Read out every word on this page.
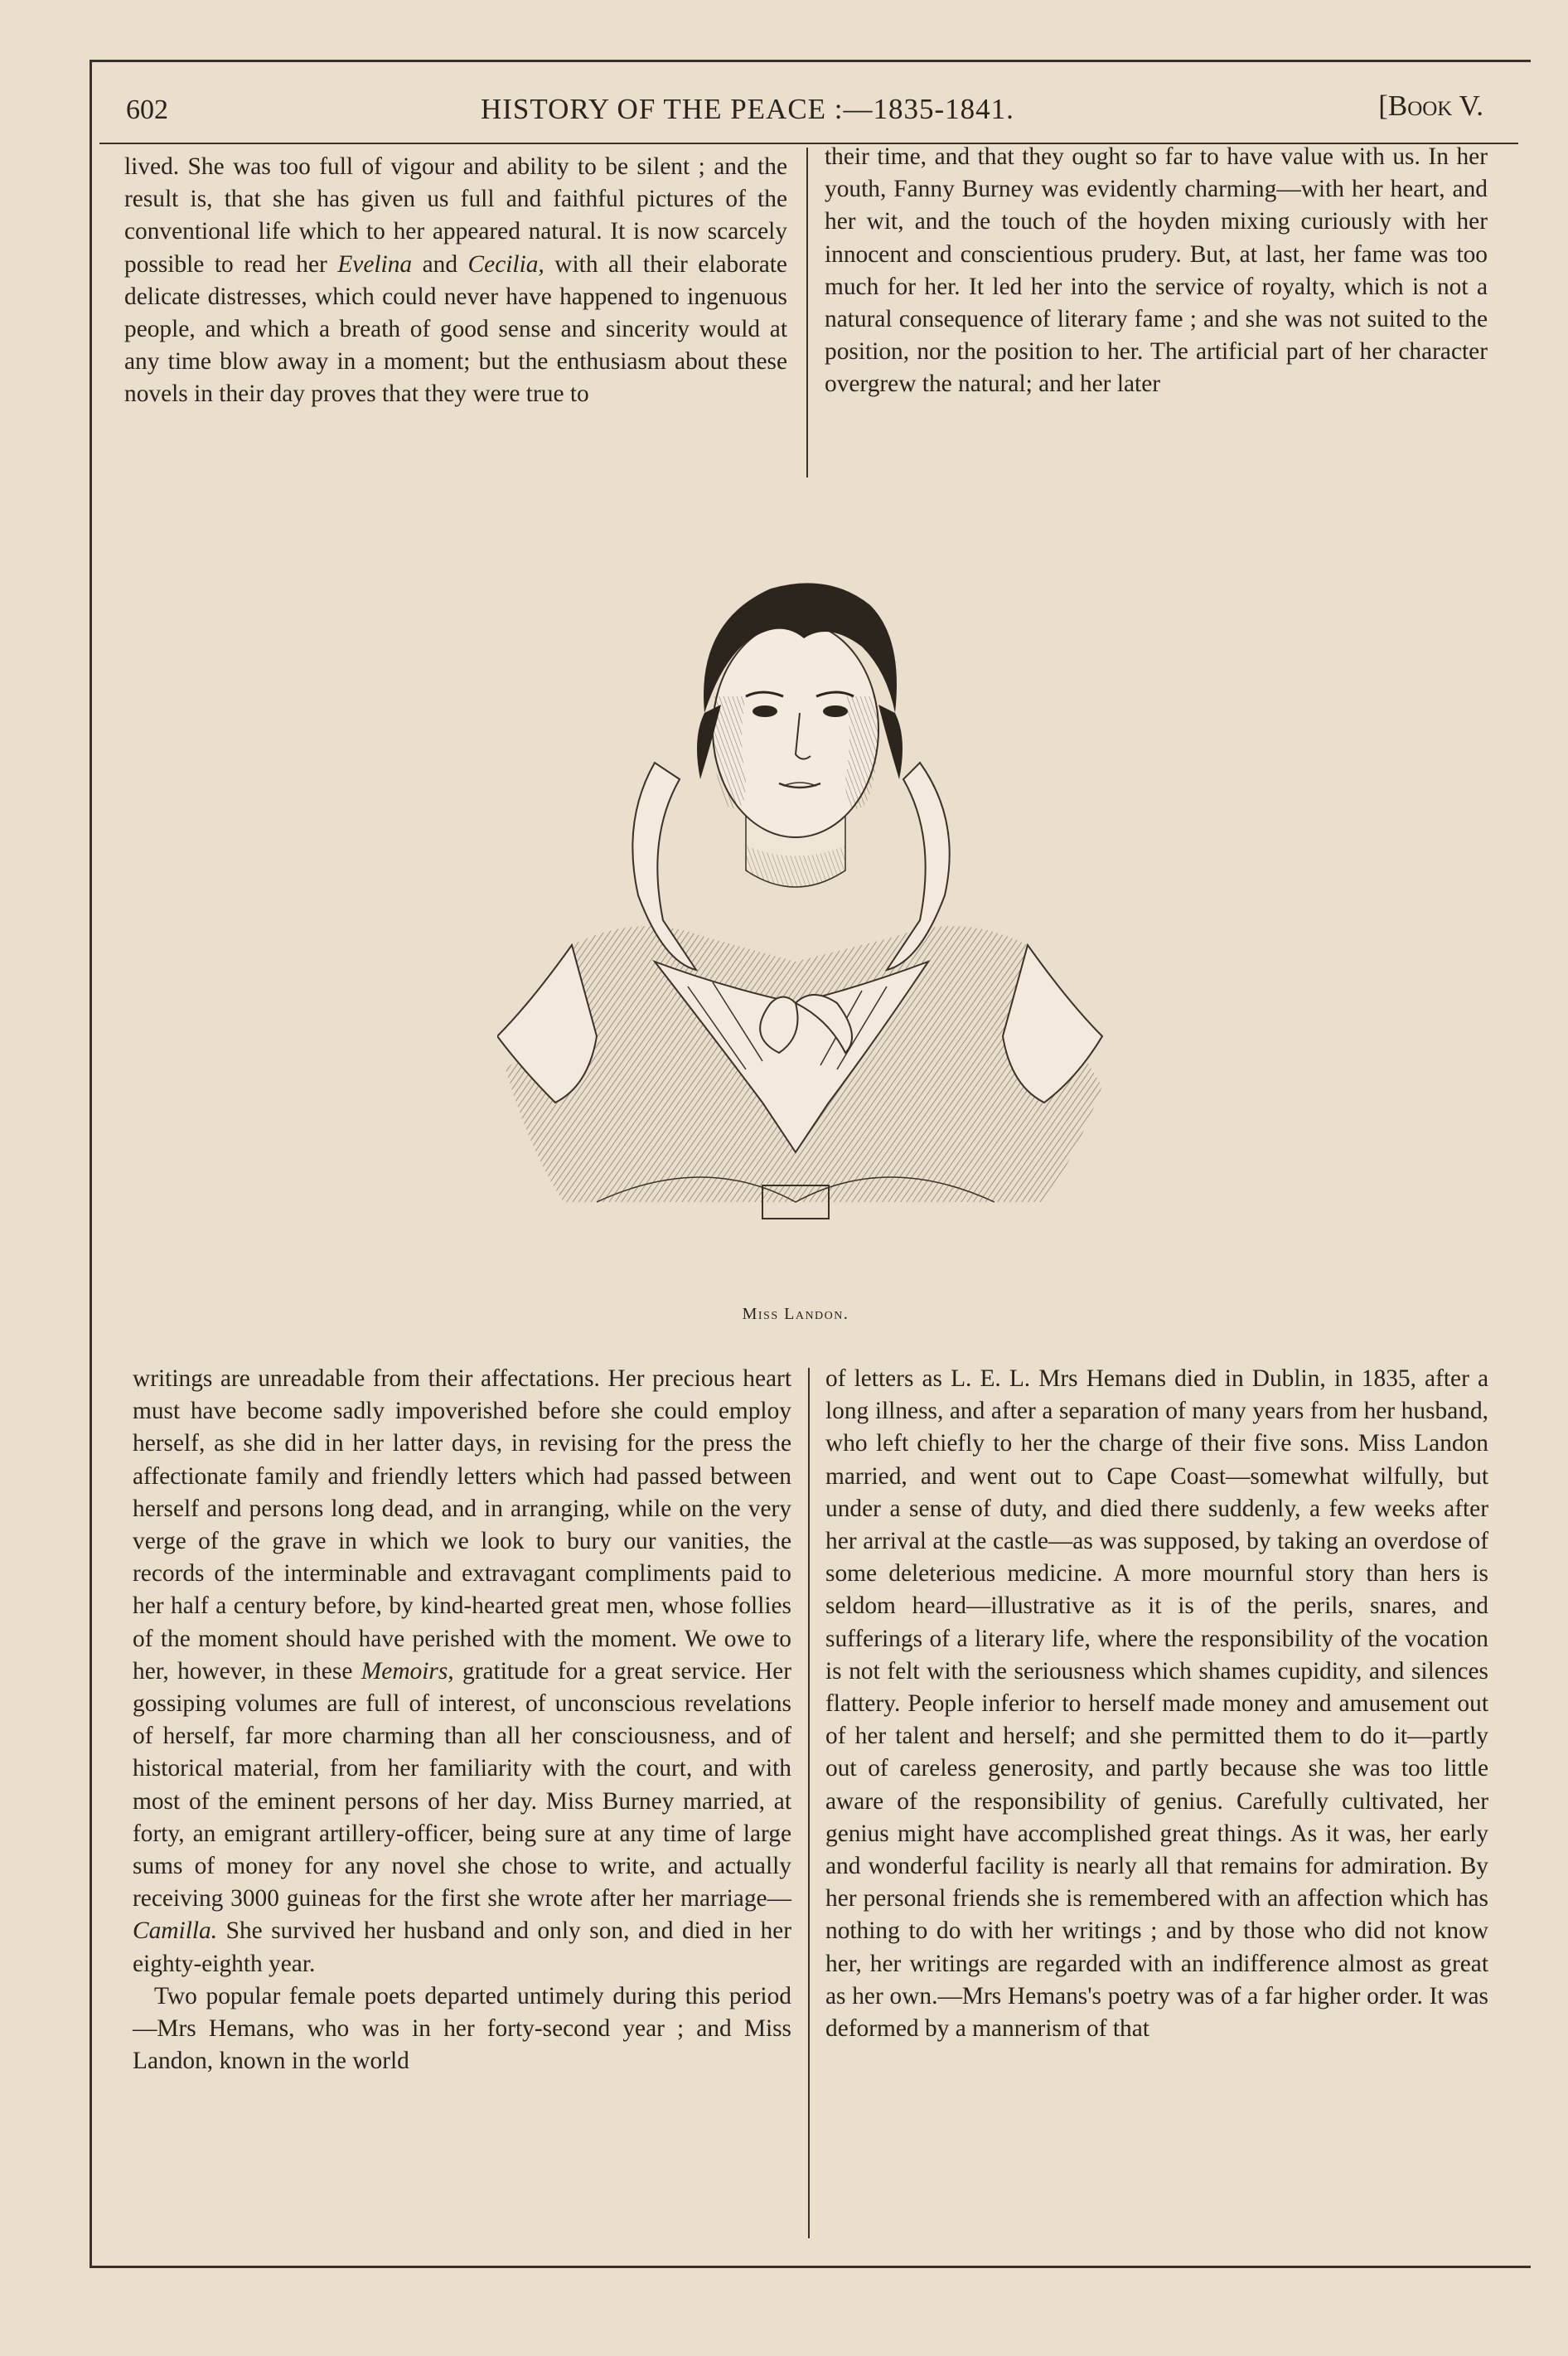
602	HISTORY OF THE PEACE :—1835-1841.	[Book V.

lived. She was too full of vigour and ability to be silent ; and the result is, that she has given us full and faithful pictures of the conventional life which to her appeared natural. It is now scarcely possible to read her Evelina and Cecilia, with all their elaborate delicate distresses, which could never have happened to ingenuous people, and which a breath of good sense and sincerity would at any time blow away in a moment; but the enthusiasm about these novels in their day proves that they were true to

their time, and that they ought so far to have value with us. In her youth, Fanny Burney was evidently charming—with her heart, and her wit, and the touch of the hoyden mixing curiously with her innocent and conscientious prudery. But, at last, her fame was too much for her. It led her into the service of royalty, which is not a natural consequence of literary fame ; and she was not suited to the position, nor the position to her. The artificial part of her character overgrew the natural; and her later

Miss Landon.

writings are unreadable from their affectations. Her precious heart must have become sadly impoverished before she could employ herself, as she did in her latter days, in revising for the press the affectionate family and friendly letters which had passed between herself and persons long dead, and in arranging, while on the very verge of the grave in which we look to bury our vanities, the records of the interminable and extravagant compliments paid to her half a century before, by kind-hearted great men, whose follies of the moment should have perished with the moment. We owe to her, however, in these Memoirs, gratitude for a great service. Her gossiping volumes are full of interest, of unconscious revelations of herself, far more charming than all her consciousness, and of historical material, from her familiarity with the court, and with most of the eminent persons of her day. Miss Burney married, at forty, an emigrant artillery-officer, being sure at any time of large sums of money for any novel she chose to write, and actually receiving 3000 guineas for the first she wrote after her marriage—Camilla. She survived her husband and only son, and died in her eighty-eighth year.

Two popular female poets departed untimely during this period—Mrs Hemans, who was in her forty-second year ; and Miss Landon, known in the world

of letters as L. E. L. Mrs Hemans died in Dublin, in 1835, after a long illness, and after a separation of many years from her husband, who left chiefly to her the charge of their five sons. Miss Landon married, and went out to Cape Coast—somewhat wilfully, but under a sense of duty, and died there suddenly, a few weeks after her arrival at the castle—as was supposed, by taking an overdose of some deleterious medicine. A more mournful story than hers is seldom heard—illustrative as it is of the perils, snares, and sufferings of a literary life, where the responsibility of the vocation is not felt with the seriousness which shames cupidity, and silences flattery. People inferior to herself made money and amusement out of her talent and herself; and she permitted them to do it—partly out of careless generosity, and partly because she was too little aware of the responsibility of genius. Carefully cultivated, her genius might have accomplished great things. As it was, her early and wonderful facility is nearly all that remains for admiration. By her personal friends she is remembered with an affection which has nothing to do with her writings ; and by those who did not know her, her writings are regarded with an indifference almost as great as her own.—Mrs Hemans's poetry was of a far higher order. It was deformed by a mannerism of that
